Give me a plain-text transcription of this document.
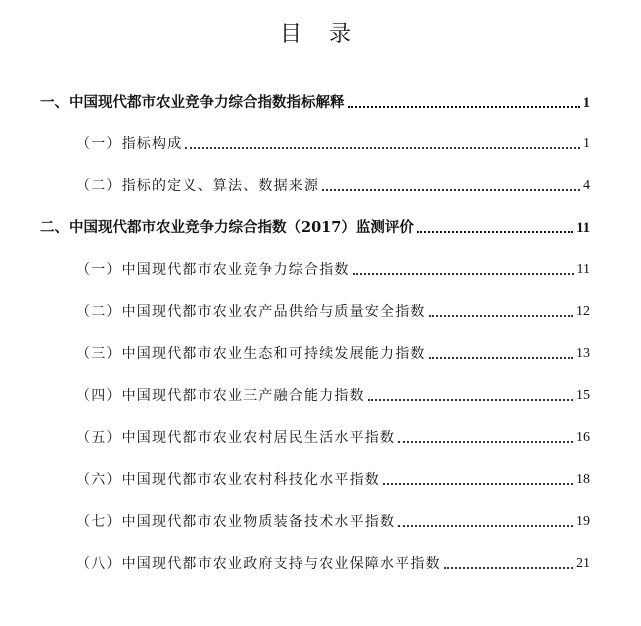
目 录
一、中国现代都市农业竞争力综合指数指标解释	1
（一）指标构成	1
（二）指标的定义、算法、数据来源	4
二、中国现代都市农业竞争力综合指数（2017）监测评价	11
（一）中国现代都市农业竞争力综合指数	11
（二）中国现代都市农业农产品供给与质量安全指数	12
（三）中国现代都市农业生态和可持续发展能力指数	13
（四）中国现代都市农业三产融合能力指数	15
（五）中国现代都市农业农村居民生活水平指数	16
（六）中国现代都市农业农村科技化水平指数	18
（七）中国现代都市农业物质装备技术水平指数	19
（八）中国现代都市农业政府支持与农业保障水平指数	21
